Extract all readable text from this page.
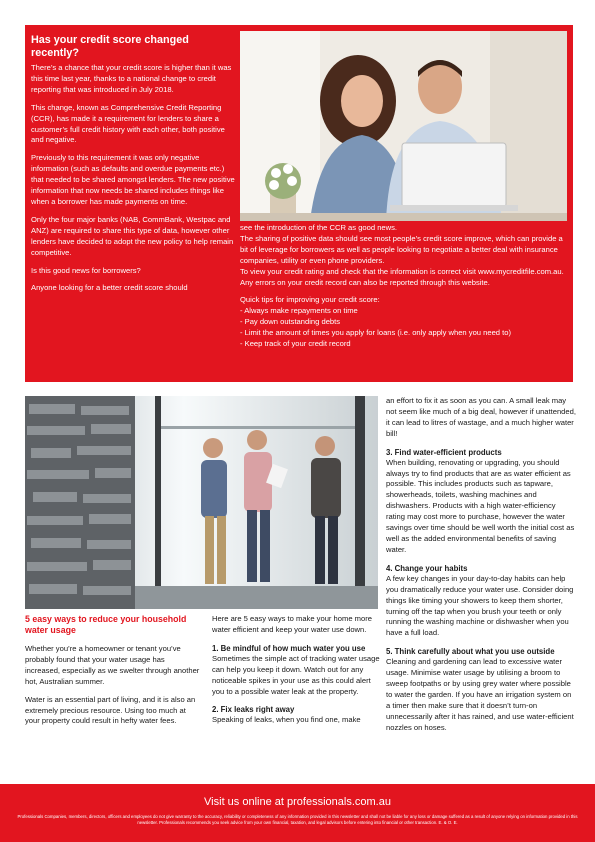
Has your credit score changed recently?

There’s a chance that your credit score is higher than it was this time last year, thanks to a national change to credit reporting that was introduced in July 2018.

This change, known as Comprehensive Credit Reporting (CCR), has made it a requirement for lenders to share a customer’s full credit history with each other, both positive and negative.

Previously to this requirement it was only negative information (such as defaults and overdue payments etc.) that needed to be shared amongst lenders. The new positive information that now needs be shared includes things like when a borrower has made payments on time.

Only the four major banks (NAB, CommBank, Westpac and ANZ) are required to share this type of data, however other lenders have decided to adopt the new policy to help remain competitive.

Is this good news for borrowers?

Anyone looking for a better credit score should

see the introduction of the CCR as good news.

The sharing of positive data should see most people’s credit score improve, which can provide a bit of leverage for borrowers as well as people looking to negotiate a better deal with insurance companies, utility or even phone providers.

To view your credit rating and check that the information is correct visit www.mycreditfile.com.au. Any errors on your credit record can also be reported through this website.

Quick tips for improving your credit score:

- Always make repayments on time

- Pay down outstanding debts

- Limit the amount of times you apply for loans (i.e. only apply when you need to)

- Keep track of your credit record

5 easy ways to reduce your household water usage

Whether you’re a homeowner or tenant you’ve probably found that your water usage has increased, especially as we swelter through another hot, Australian summer.

Water is an essential part of living, and it is also an extremely precious resource. Using too much at your property could result in hefty water fees.

Here are 5 easy ways to make your home more water efficient and keep your water use down.

1. Be mindful of how much water you use

Sometimes the simple act of tracking water usage can help you keep it down. Watch out for any noticeable spikes in your use as this could alert you to a possible water leak at the property.

2. Fix leaks right away

Speaking of leaks, when you find one, make

an effort to fix it as soon as you can. A small leak may not seem like much of a big deal, however if unattended, it can lead to litres of wastage, and a much higher water bill!

3. Find water-efficient products

When building, renovating or upgrading, you should always try to find products that are as water efficient as possible. This includes products such as tapware, showerheads, toilets, washing machines and dishwashers. Products with a high water-efficiency rating may cost more to purchase, however the water savings over time should be well worth the initial cost as well as the added environmental benefits of saving water.

4. Change your habits

A few key changes in your day-to-day habits can help you dramatically reduce your water use. Consider doing things like timing your showers to keep them shorter, turning off the tap when you brush your teeth or only running the washing machine or dishwasher when you have a full load.

5. Think carefully about what you use outside

Cleaning and gardening can lead to excessive water usage. Minimise water usage by utilising a broom to sweep footpaths or by using grey water where possible to water the garden. If you have an irrigation system on a timer then make sure that it doesn’t turn-on unnecessarily after it has rained, and use water-efficient nozzles on hoses.

Visit us online at professionals.com.au

Professionals Companies, members, directors, officers and employees do not give warranty to the accuracy, reliability or completeness of any information provided in this newsletter and shall not be liable for any loss or damage suffered as a result of anyone relying on information provided in this newsletter. Professionals recommends you seek advice from your own financial, taxation, and legal advisors before entering into financial or other transaction. E. & O. E.
